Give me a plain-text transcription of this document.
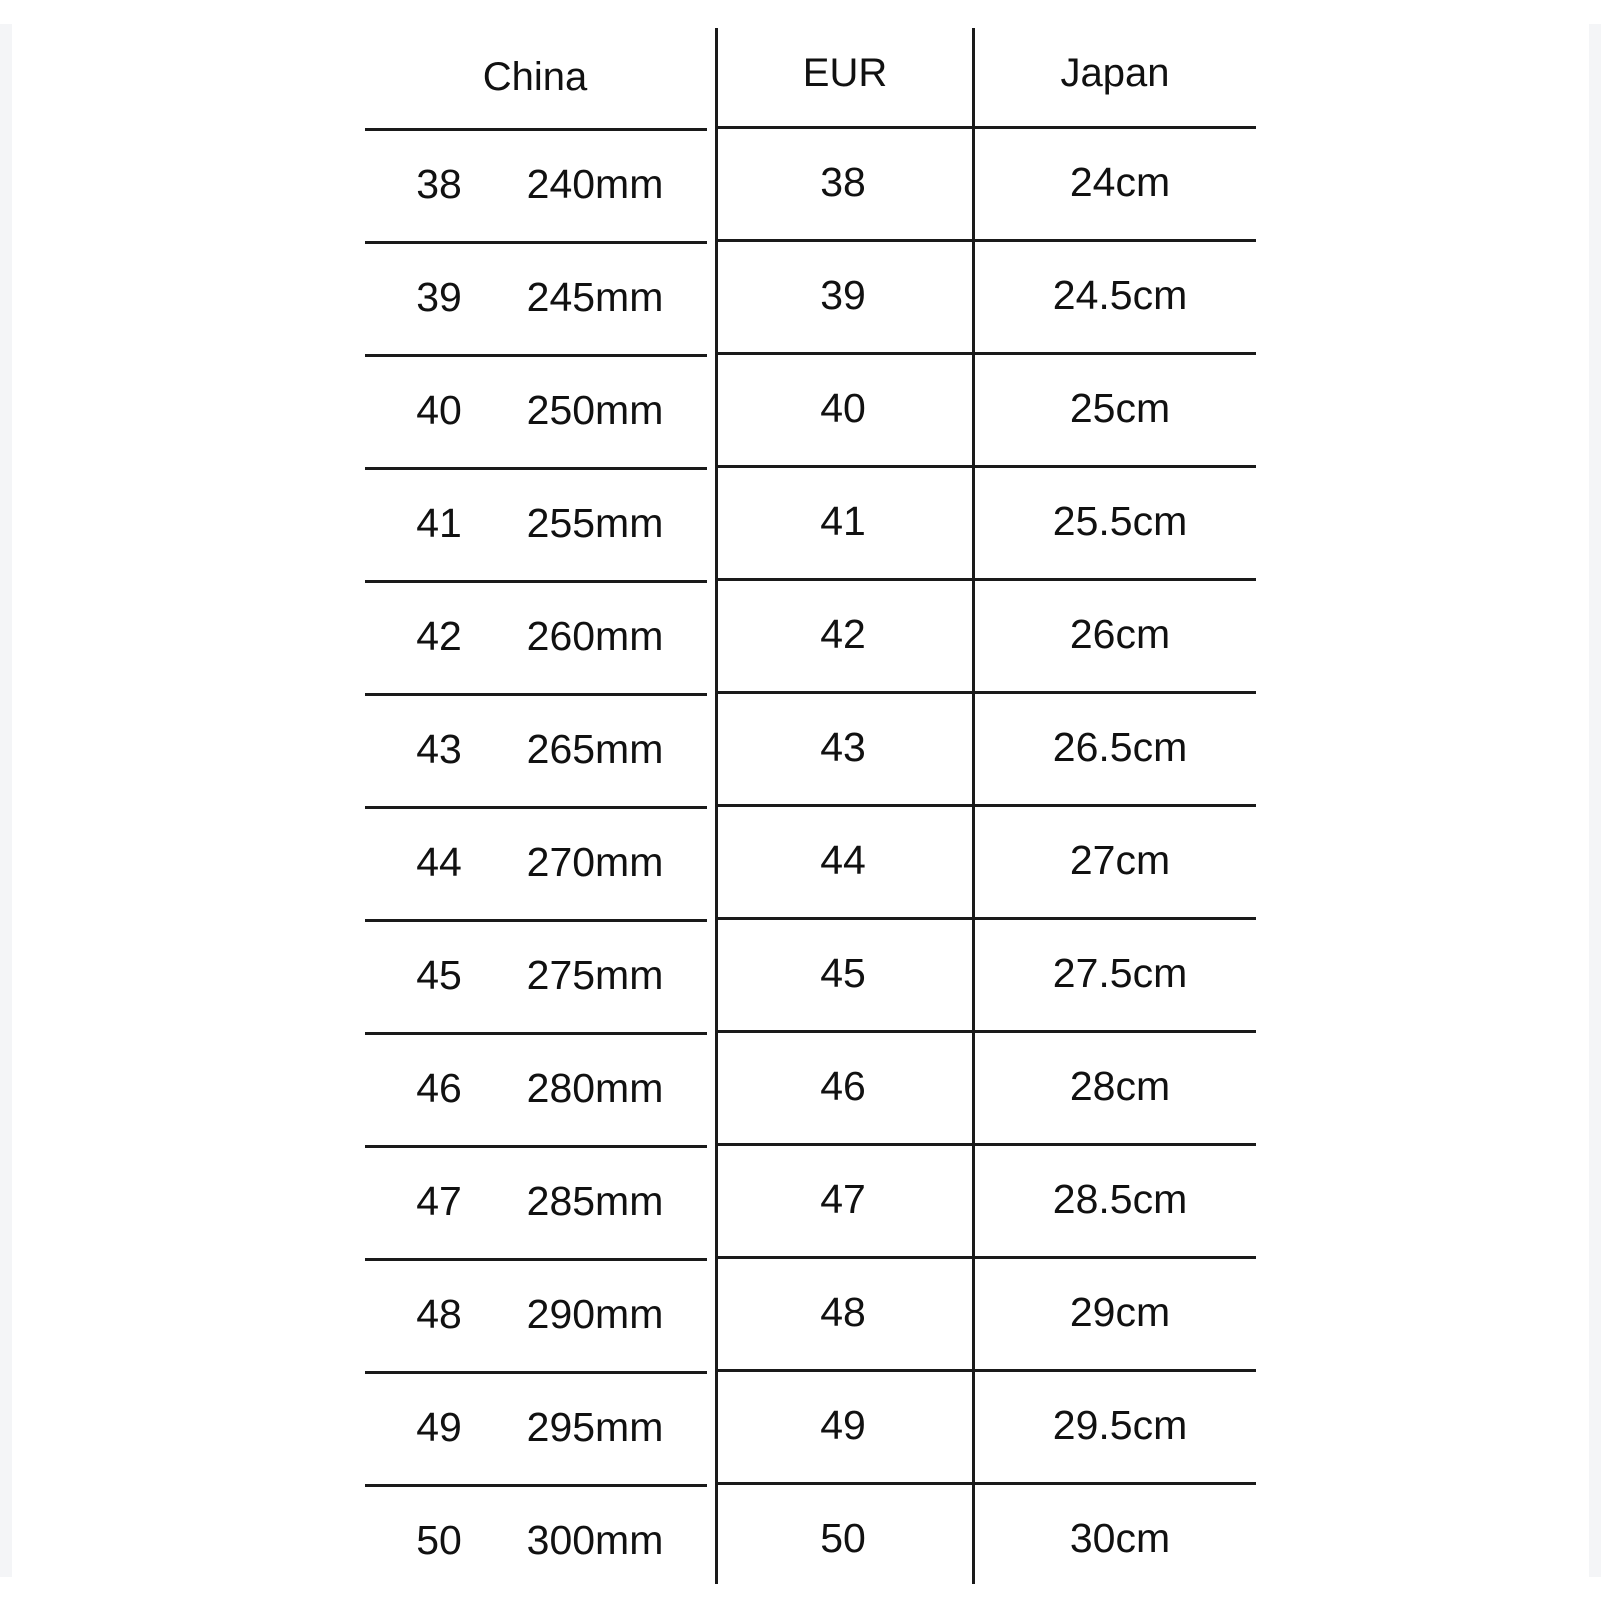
China	EUR	Japan
38	240mm	38	24cm
39	245mm	39	24.5cm
40	250mm	40	25cm
41	255mm	41	25.5cm
42	260mm	42	26cm
43	265mm	43	26.5cm
44	270mm	44	27cm
45	275mm	45	27.5cm
46	280mm	46	28cm
47	285mm	47	28.5cm
48	290mm	48	29cm
49	295mm	49	29.5cm
50	300mm	50	30cm
